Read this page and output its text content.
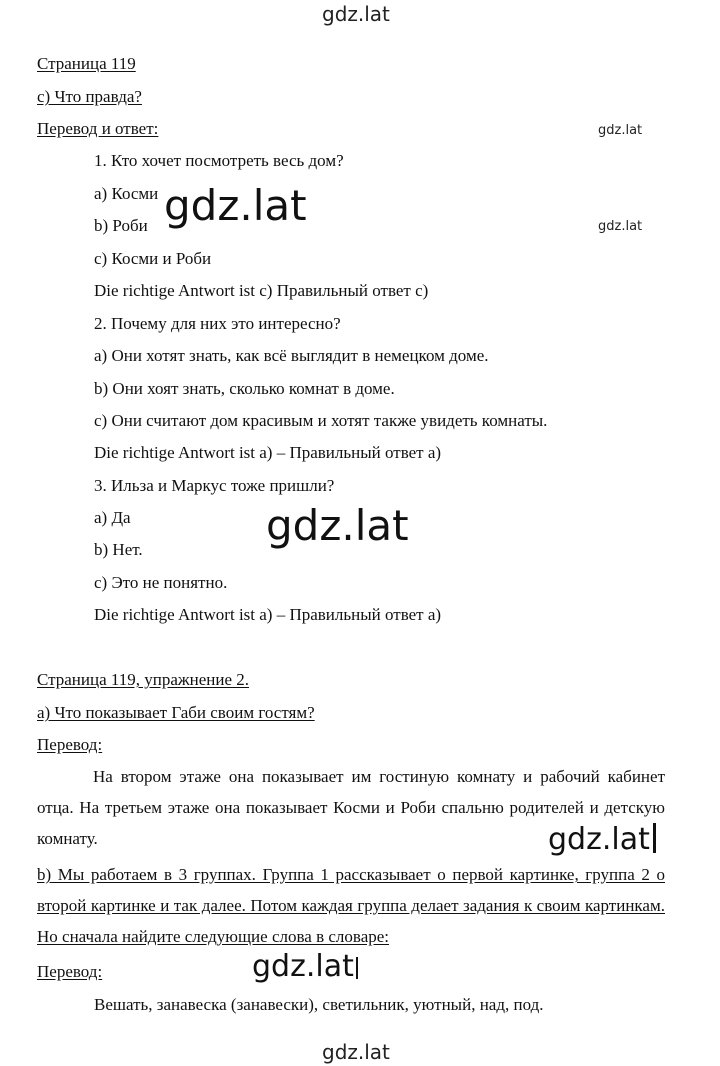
gdz.lat
Страница 119
c) Что правда?
Перевод и ответ:	gdz.lat
1. Кто хочет посмотреть весь дом?
a) Косми
b) Роби	gdz.lat
gdz.lat
c) Косми и Роби
Die richtige Antwort ist c) Правильный ответ c)
2. Почему для них это интересно?
a) Они хотят знать, как всё выглядит в немецком доме.
b) Они хоят знать, сколько комнат в доме.
c) Они считают дом красивым и хотят также увидеть комнаты.
Die richtige Antwort ist a) – Правильный ответ a)
3. Ильза и Маркус тоже пришли?
a) Да
b) Нет.	gdz.lat
c) Это не понятно.
Die richtige Antwort ist a) – Правильный ответ a)
Страница 119, упражнение 2.
a) Что показывает Габи своим гостям?
Перевод:
На втором этаже она показывает им гостиную комнату и рабочий кабинет отца. На третьем этаже она показывает Косми и Роби спальню родителей и детскую комнату.	gdz.lat
b) Мы работаем в 3 группах. Группа 1 рассказывает о первой картинке, группа 2 о второй картинке и так далее. Потом каждая группа делает задания к своим картинкам. Но сначала найдите следующие слова в словаре:
Перевод:	gdz.lat
Вешать, занавеска (занавески), светильник, уютный, над, под.
gdz.lat
